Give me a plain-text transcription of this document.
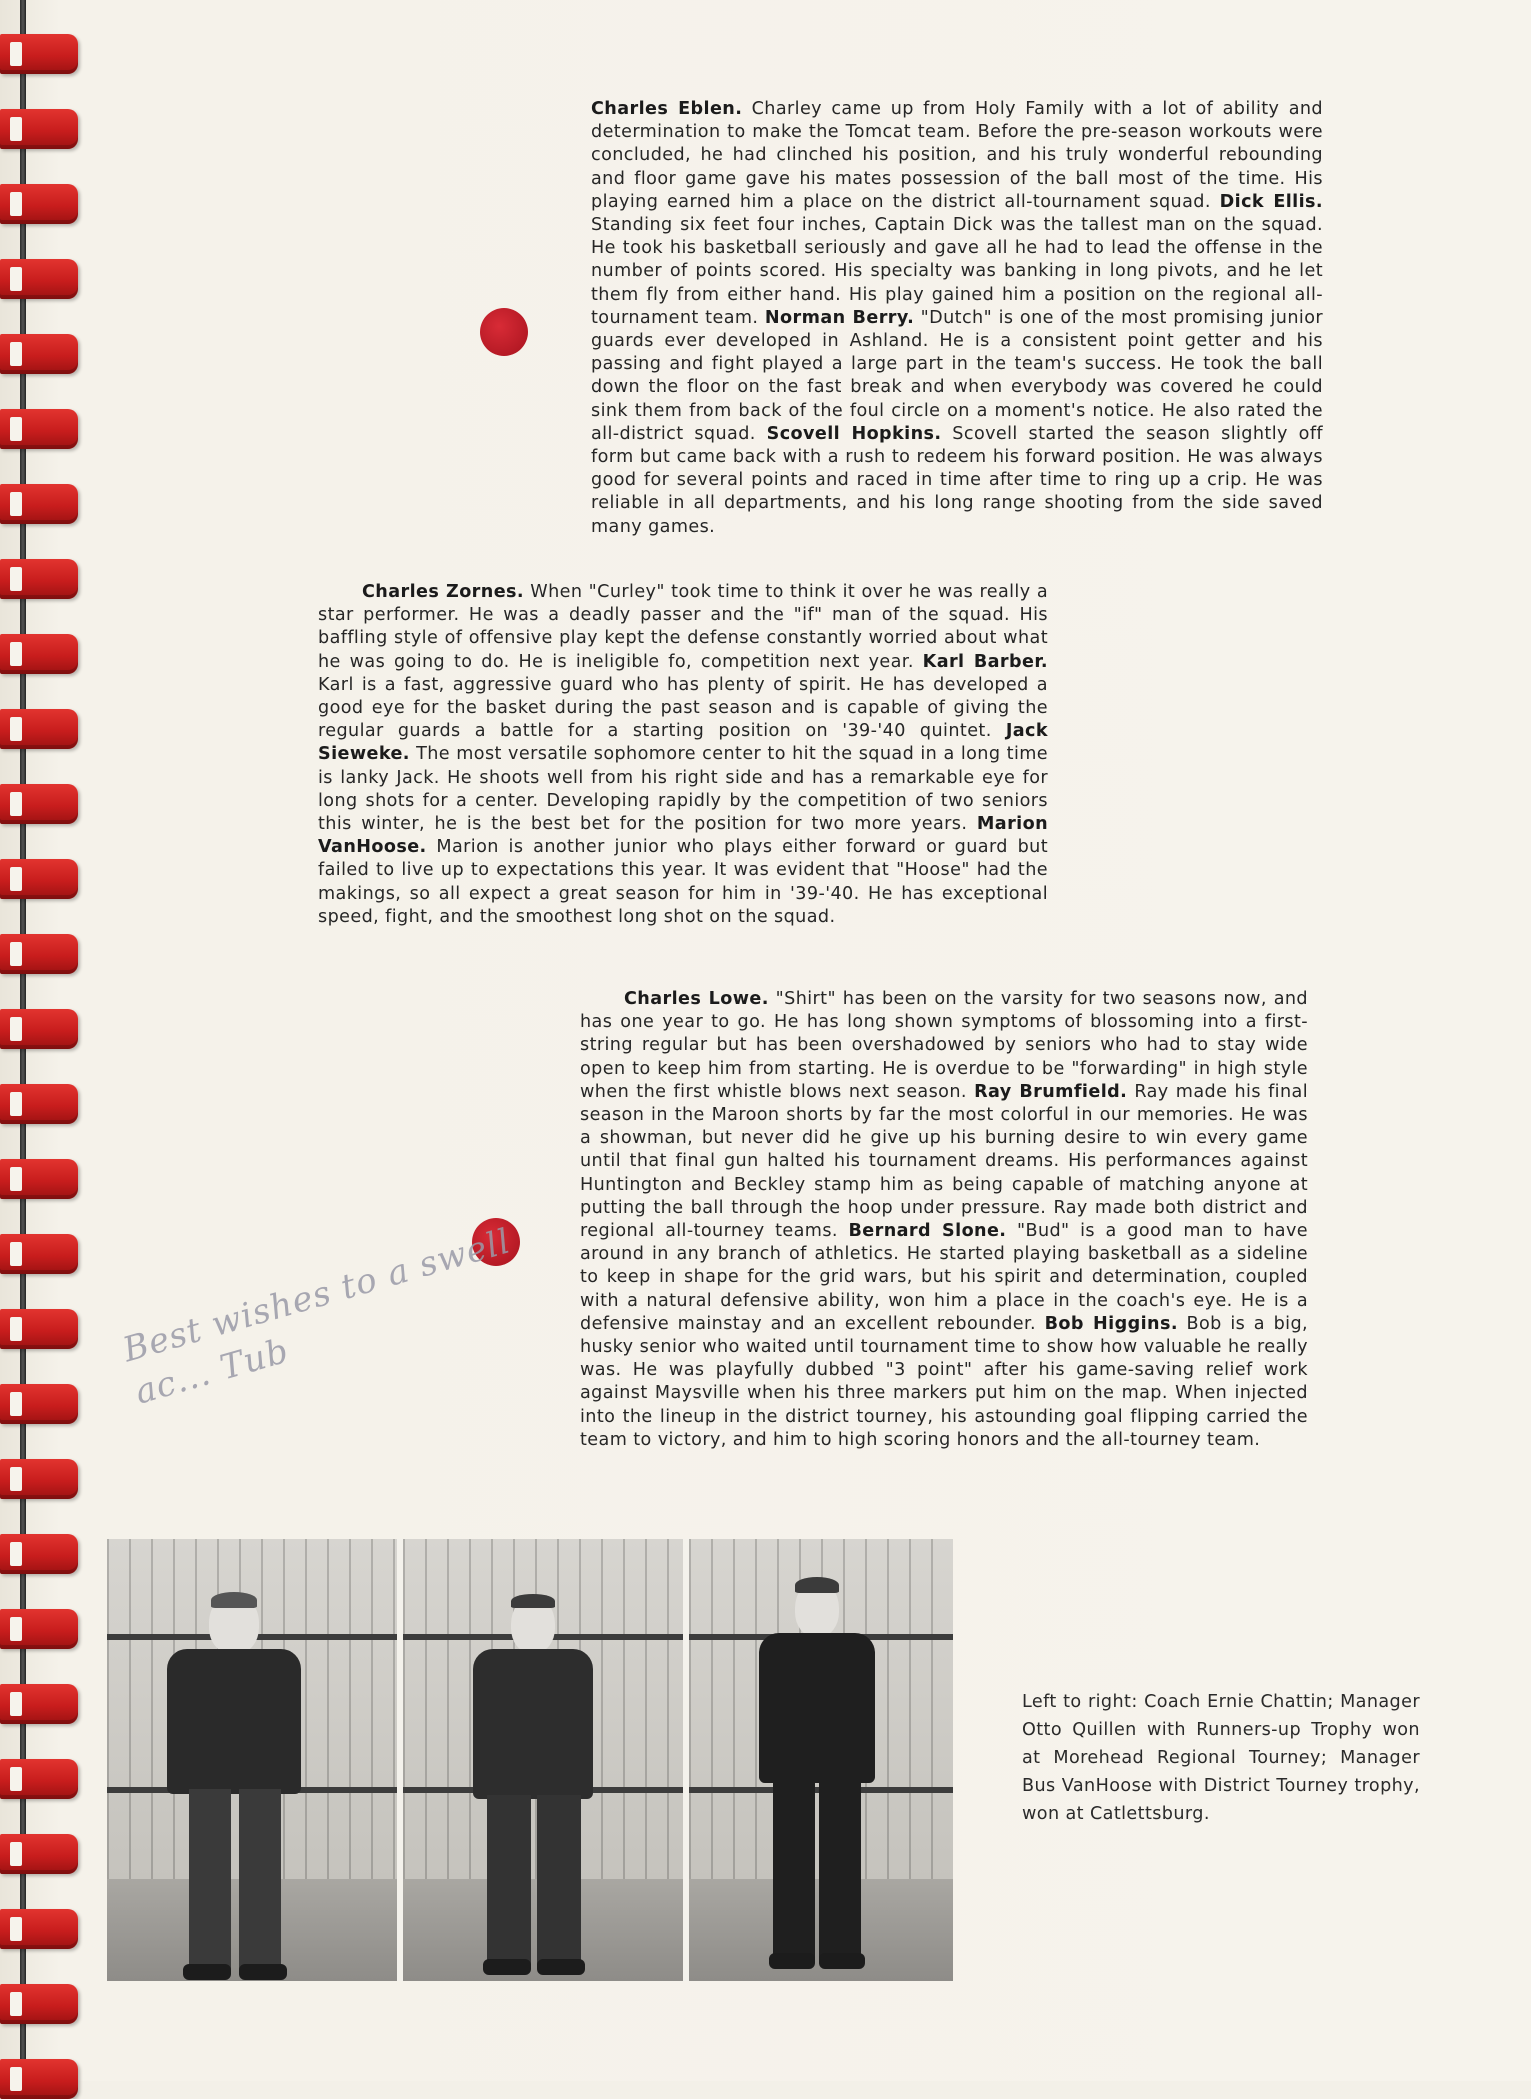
Charles Eblen. Charley came up from Holy Family with a lot of ability and determination to make the Tomcat team. Before the pre-season workouts were concluded, he had clinched his position, and his truly wonderful rebounding and floor game gave his mates possession of the ball most of the time. His playing earned him a place on the district all-tournament squad. Dick Ellis. Standing six feet four inches, Captain Dick was the tallest man on the squad. He took his basketball seriously and gave all he had to lead the offense in the number of points scored. His specialty was banking in long pivots, and he let them fly from either hand. His play gained him a position on the regional all-tournament team. Norman Berry. "Dutch" is one of the most promising junior guards ever developed in Ashland. He is a consistent point getter and his passing and fight played a large part in the team's success. He took the ball down the floor on the fast break and when everybody was covered he could sink them from back of the foul circle on a moment's notice. He also rated the all-district squad. Scovell Hopkins. Scovell started the season slightly off form but came back with a rush to redeem his forward position. He was always good for several points and raced in time after time to ring up a crip. He was reliable in all departments, and his long range shooting from the side saved many games.
Charles Zornes. When "Curley" took time to think it over he was really a star performer. He was a deadly passer and the "if" man of the squad. His baffling style of offensive play kept the defense constantly worried about what he was going to do. He is ineligible fo, competition next year. Karl Barber. Karl is a fast, aggressive guard who has plenty of spirit. He has developed a good eye for the basket during the past season and is capable of giving the regular guards a battle for a starting position on '39-'40 quintet. Jack Sieweke. The most versatile sophomore center to hit the squad in a long time is lanky Jack. He shoots well from his right side and has a remarkable eye for long shots for a center. Developing rapidly by the competition of two seniors this winter, he is the best bet for the position for two more years. Marion VanHoose. Marion is another junior who plays either forward or guard but failed to live up to expectations this year. It was evident that "Hoose" had the makings, so all expect a great season for him in '39-'40. He has exceptional speed, fight, and the smoothest long shot on the squad.
Charles Lowe. "Shirt" has been on the varsity for two seasons now, and has one year to go. He has long shown symptoms of blossoming into a first-string regular but has been overshadowed by seniors who had to stay wide open to keep him from starting. He is overdue to be "forwarding" in high style when the first whistle blows next season. Ray Brumfield. Ray made his final season in the Maroon shorts by far the most colorful in our memories. He was a showman, but never did he give up his burning desire to win every game until that final gun halted his tournament dreams. His performances against Huntington and Beckley stamp him as being capable of matching anyone at putting the ball through the hoop under pressure. Ray made both district and regional all-tourney teams. Bernard Slone. "Bud" is a good man to have around in any branch of athletics. He started playing basketball as a sideline to keep in shape for the grid wars, but his spirit and determination, coupled with a natural defensive ability, won him a place in the coach's eye. He is a defensive mainstay and an excellent rebounder. Bob Higgins. Bob is a big, husky senior who waited until tournament time to show how valuable he really was. He was playfully dubbed "3 point" after his game-saving relief work against Maysville when his three markers put him on the map. When injected into the lineup in the district tourney, his astounding goal flipping carried the team to victory, and him to high scoring honors and the all-tourney team.
Best wishes to a swell ac... Tub
Left to right: Coach Ernie Chattin; Manager Otto Quillen with Runners-up Trophy won at Morehead Regional Tourney; Manager Bus VanHoose with District Tourney trophy, won at Catlettsburg.
